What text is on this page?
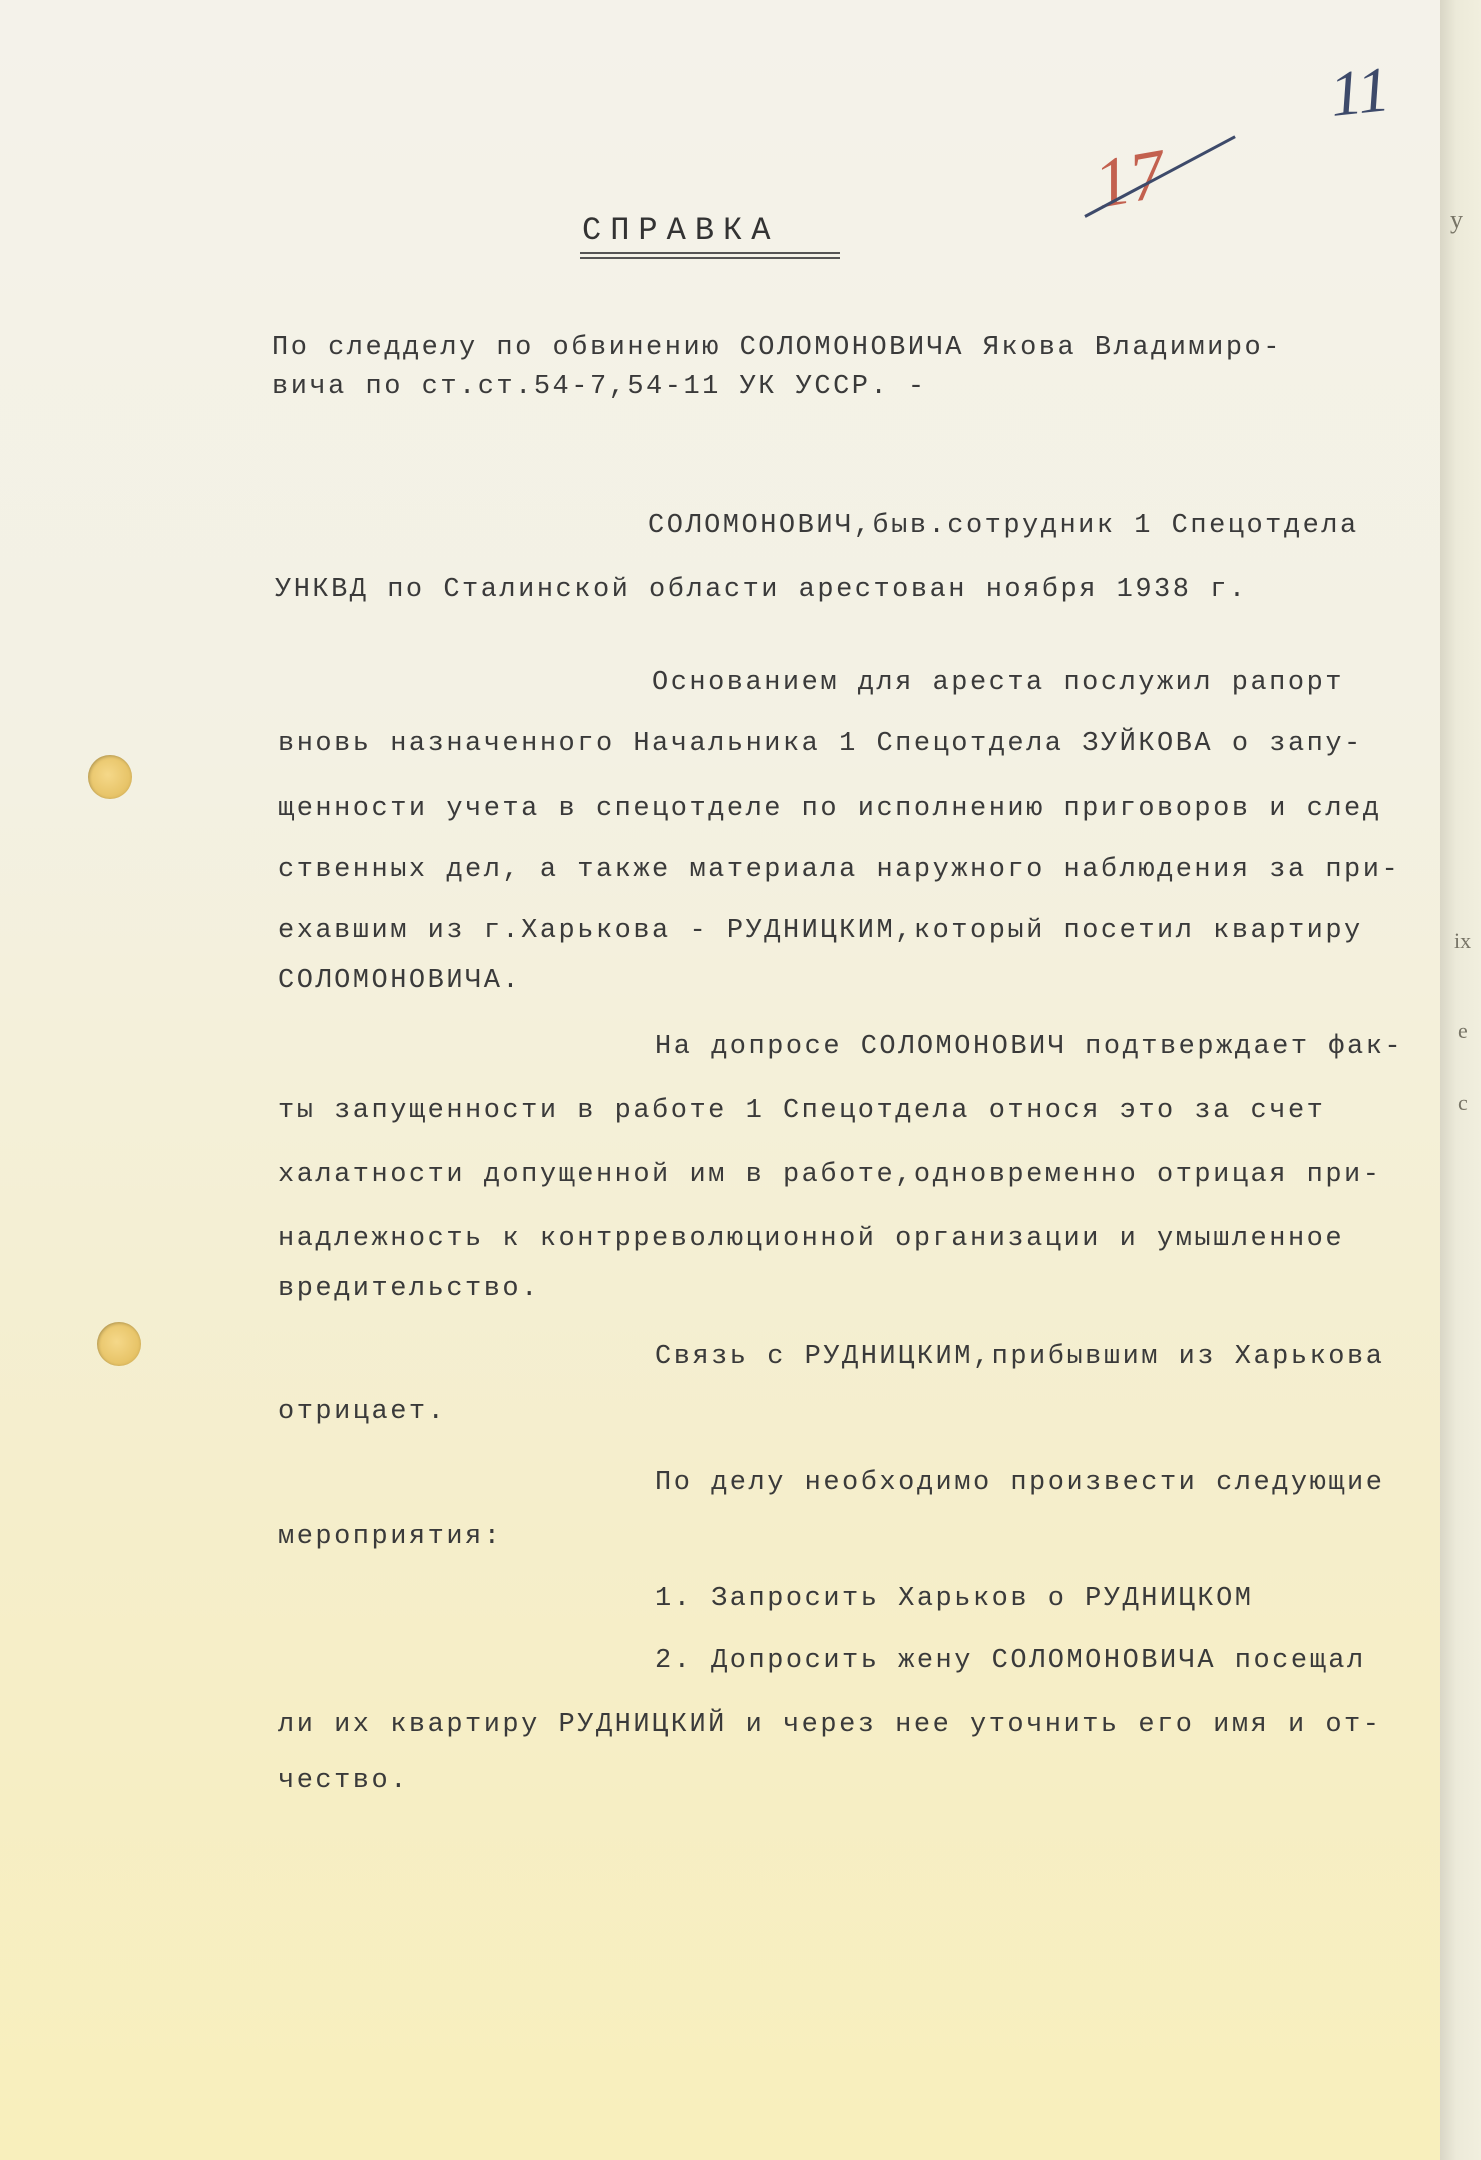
11
17
СПРАВКА
По следделу по обвинению СОЛОМОНОВИЧА Якова Владимиро-
вича по ст.ст.54-7,54-11 УК УССР. -
СОЛОМОНОВИЧ,быв.сотрудник 1 Спецотдела
УНКВД по Сталинской области арестован ноября 1938 г.
Основанием для ареста послужил рапорт
вновь назначенного Начальника 1 Спецотдела ЗУЙКОВА о запу-
щенности учета в спецотделе по исполнению приговоров и след
ственных дел, а также материала наружного наблюдения за при-
ехавшим из г.Харькова - РУДНИЦКИМ,который посетил квартиру
СОЛОМОНОВИЧА.
На допросе СОЛОМОНОВИЧ подтверждает фак-
ты запущенности в работе 1 Спецотдела относя это за счет
халатности допущенной им в работе,одновременно отрицая при-
надлежность к контрреволюционной организации и умышленное
вредительство.
Связь с РУДНИЦКИМ,прибывшим из Харькова
отрицает.
По делу необходимо произвести следующие
мероприятия:
1. Запросить Харьков о РУДНИЦКОМ
2. Допросить жену СОЛОМОНОВИЧА посещал
ли их квартиру РУДНИЦКИЙ и через нее уточнить его имя и от-
чество.
у
іх
е
с
